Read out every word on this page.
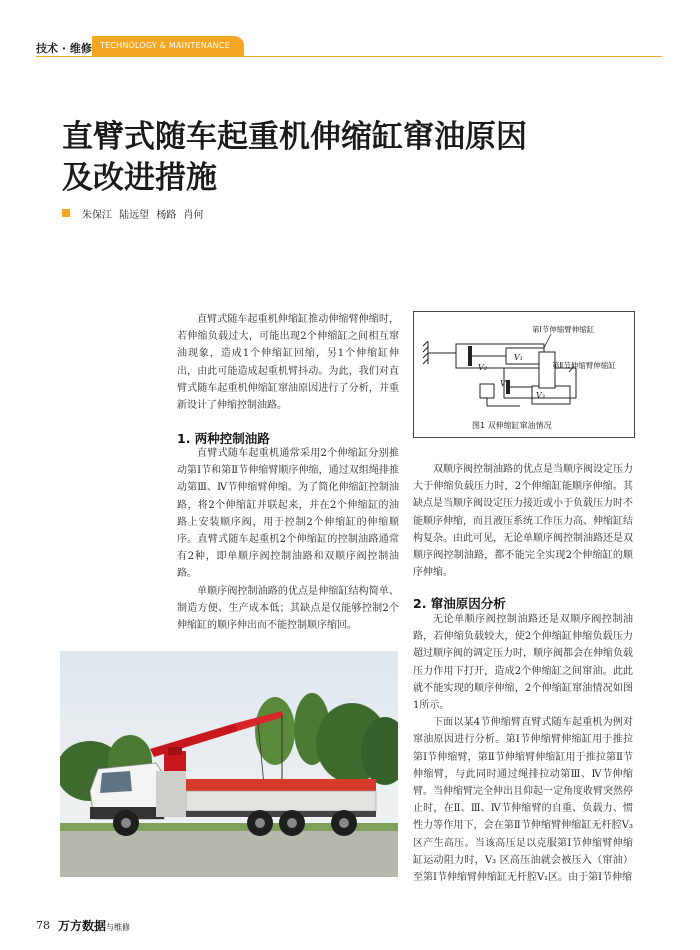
技术 · 维修 TECHNOLOGY & MAINTENANCE
直臂式随车起重机伸缩缸窜油原因
及改进措施
朱保江 陆远望 杨路 肖何

直臂式随车起重机伸缩缸推动伸缩臂伸缩时，若伸缩负载过大，可能出现2个伸缩缸之间相互窜油现象，造成1个伸缩缸回缩，另1个伸缩缸伸出，由此可能造成起重机臂抖动。为此，我们对直臂式随车起重机伸缩缸窜油原因进行了分析，并重新设计了伸缩控制油路。

1. 两种控制油路

直臂式随车起重机通常采用2个伸缩缸分别推动第Ⅰ节和第Ⅱ节伸缩臂顺序伸缩，通过双组绳排推动第Ⅲ、Ⅳ节伸缩臂伸缩。为了简化伸缩缸控制油路，将2个伸缩缸并联起来，并在2个伸缩缸的油路上安装顺序阀，用于控制2个伸缩缸的伸缩顺序。直臂式随车起重机2个伸缩缸的控制油路通常有2种，即单顺序阀控制油路和双顺序阀控制油路。

单顺序阀控制油路的优点是伸缩缸结构简单、制造方便、生产成本低；其缺点是仅能够控制2个伸缩缸的顺序伸出而不能控制顺序缩回。

第Ⅰ节伸缩臂伸缩缸
第Ⅱ节伸缩臂伸缩缸
V₁
V₂
V₃
V₄
图1 双伸缩缸窜油情况

双顺序阀控制油路的优点是当顺序阀设定压力大于伸缩负载压力时，2个伸缩缸能顺序伸缩。其缺点是当顺序阀设定压力接近或小于负载压力时不能顺序伸缩，而且液压系统工作压力高、伸缩缸结构复杂。由此可见，无论单顺序阀控制油路还是双顺序阀控制油路，都不能完全实现2个伸缩缸的顺序伸缩。

2. 窜油原因分析

无论单顺序阀控制油路还是双顺序阀控制油路，若伸缩负载较大，使2个伸缩缸伸缩负载压力超过顺序阀的调定压力时，顺序阀都会在伸缩负载压力作用下打开，造成2个伸缩缸之间窜油。此此就不能实现的顺序伸缩，2个伸缩缸窜油情况如图1所示。

下面以某4节伸缩臂直臂式随车起重机为例对窜油原因进行分析。第Ⅰ节伸缩臂伸缩缸用于推拉第Ⅰ节伸缩臂，第Ⅱ节伸缩臂伸缩缸用于推拉第Ⅱ节伸缩臂，与此同时通过绳排拉动第Ⅲ、Ⅳ节伸缩臂。当伸缩臂完全伸出且仰起一定角度收臂突然停止时，在Ⅱ、Ⅲ、Ⅳ节伸缩臂的自重、负载力、惯性力等作用下，会在第Ⅱ节伸缩臂伸缩缸无杆腔V₃区产生高压。当该高压足以克服第Ⅰ节伸缩臂伸缩缸运动阻力时，V₃ 区高压油就会被压入（窜油）至第Ⅰ节伸缩臂伸缩缸无杆腔V₁区。由于第Ⅰ节伸缩

78 万方数据与维修
